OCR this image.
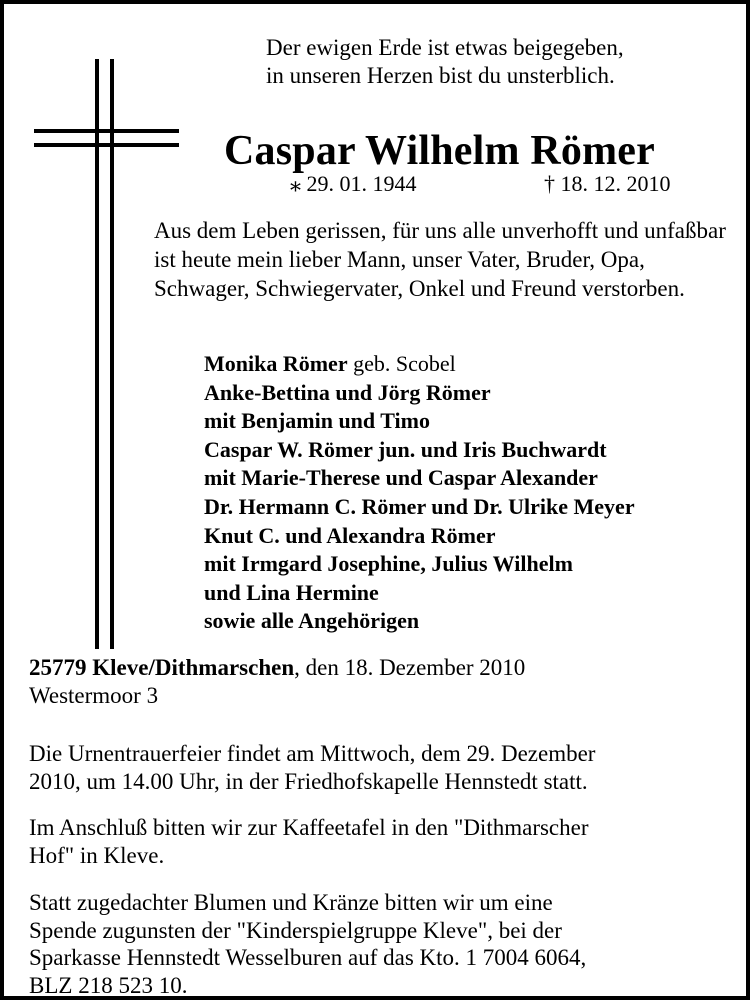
Der ewigen Erde ist etwas beigegeben,
in unseren Herzen bist du unsterblich.
Caspar Wilhelm Römer
⁎ 29. 01. 1944	† 18. 12. 2010
Aus dem Leben gerissen, für uns alle unverhofft und unfaßbar ist heute mein lieber Mann, unser Vater, Bruder, Opa, Schwager, Schwiegervater, Onkel und Freund verstorben.
Monika Römer geb. Scobel
Anke-Bettina und Jörg Römer
mit Benjamin und Timo
Caspar W. Römer jun. und Iris Buchwardt
mit Marie-Therese und Caspar Alexander
Dr. Hermann C. Römer und Dr. Ulrike Meyer
Knut C. und Alexandra Römer
mit Irmgard Josephine, Julius Wilhelm
und Lina Hermine
sowie alle Angehörigen
25779 Kleve/Dithmarschen, den 18. Dezember 2010
Westermoor 3
Die Urnentrauerfeier findet am Mittwoch, dem 29. Dezember
2010, um 14.00 Uhr, in der Friedhofskapelle Hennstedt statt.
Im Anschluß bitten wir zur Kaffeetafel in den "Dithmarscher
Hof" in Kleve.
Statt zugedachter Blumen und Kränze bitten wir um eine
Spende zugunsten der "Kinderspielgruppe Kleve", bei der
Sparkasse Hennstedt Wesselburen auf das Kto. 1 7004 6064,
BLZ 218 523 10.
